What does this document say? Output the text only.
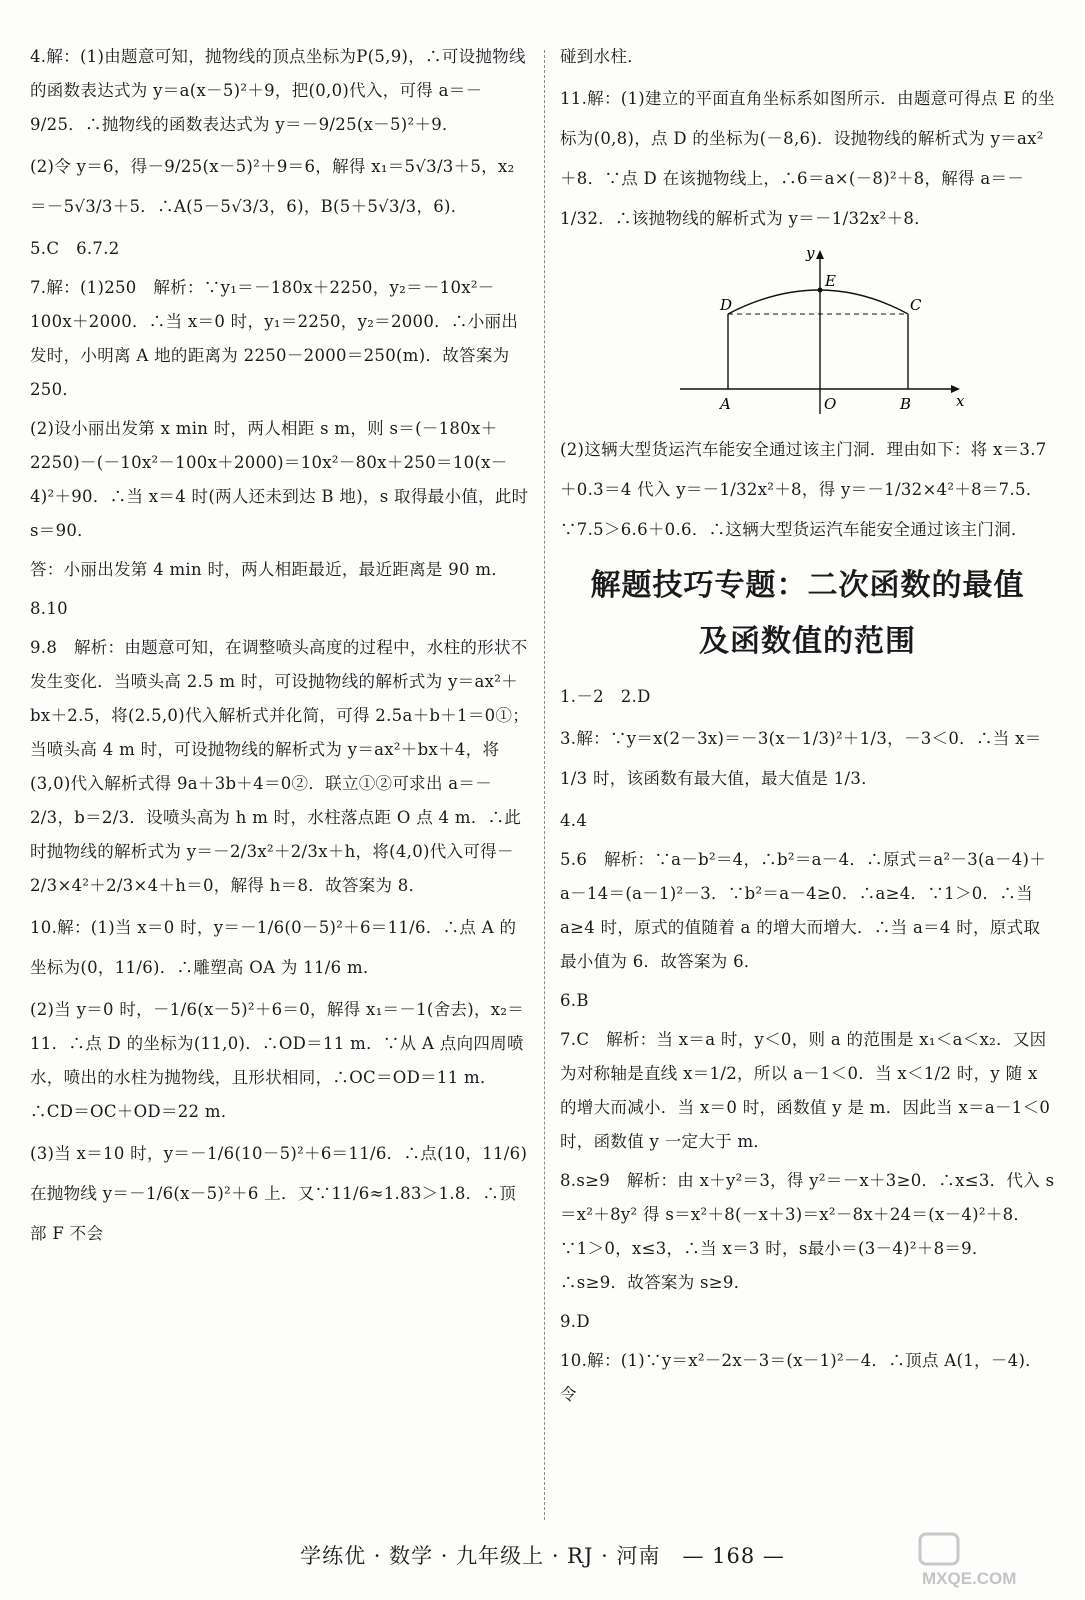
4.解：(1)由题意可知，抛物线的顶点坐标为P(5,9)，∴可设抛物线的函数表达式为 y＝a(x－5)²＋9，把(0,0)代入，可得 a＝－9/25．∴抛物线的函数表达式为 y＝－9/25(x－5)²＋9．

(2)令 y＝6，得－9/25(x－5)²＋9＝6，解得 x₁＝5√3/3＋5，x₂＝－5√3/3＋5．∴A(5－5√3/3，6)，B(5＋5√3/3，6)．

5.C　6.7.2

7.解：(1)250　解析：∵y₁＝－180x＋2250，y₂＝－10x²－100x＋2000．∴当 x＝0 时，y₁＝2250，y₂＝2000．∴小丽出发时，小明离 A 地的距离为 2250－2000＝250(m)．故答案为 250．

(2)设小丽出发第 x min 时，两人相距 s m，则 s＝(－180x＋2250)－(－10x²－100x＋2000)＝10x²－80x＋250＝10(x－4)²＋90．∴当 x＝4 时(两人还未到达 B 地)，s 取得最小值，此时 s＝90．

答：小丽出发第 4 min 时，两人相距最近，最近距离是 90 m．

8.10

9.8　解析：由题意可知，在调整喷头高度的过程中，水柱的形状不发生变化．当喷头高 2.5 m 时，可设抛物线的解析式为 y＝ax²＋bx＋2.5，将(2.5,0)代入解析式并化简，可得 2.5a＋b＋1＝0①；当喷头高 4 m 时，可设抛物线的解析式为 y＝ax²＋bx＋4，将(3,0)代入解析式得 9a＋3b＋4＝0②．联立①②可求出 a＝－2/3，b＝2/3．设喷头高为 h m 时，水柱落点距 O 点 4 m．∴此时抛物线的解析式为 y＝－2/3x²＋2/3x＋h，将(4,0)代入可得－2/3×4²＋2/3×4＋h＝0，解得 h＝8．故答案为 8．

10.解：(1)当 x＝0 时，y＝－1/6(0－5)²＋6＝11/6．∴点 A 的坐标为(0，11/6)．∴雕塑高 OA 为 11/6 m．

(2)当 y＝0 时，－1/6(x－5)²＋6＝0，解得 x₁＝－1(舍去)，x₂＝11．∴点 D 的坐标为(11,0)．∴OD＝11 m．∵从 A 点向四周喷水，喷出的水柱为抛物线，且形状相同，∴OC＝OD＝11 m．∴CD＝OC＋OD＝22 m．

(3)当 x＝10 时，y＝－1/6(10－5)²＋6＝11/6．∴点(10，11/6)在抛物线 y＝－1/6(x－5)²＋6 上．又∵11/6≈1.83＞1.8．∴顶部 F 不会

碰到水柱．

11.解：(1)建立的平面直角坐标系如图所示．由题意可得点 E 的坐标为(0,8)，点 D 的坐标为(－8,6)．设抛物线的解析式为 y＝ax²＋8．∵点 D 在该抛物线上，∴6＝a×(－8)²＋8，解得 a＝－1/32．∴该抛物线的解析式为 y＝－1/32x²＋8．

y
x
E
D	C
A	O	B

(2)这辆大型货运汽车能安全通过该主门洞．理由如下：将 x＝3.7＋0.3＝4 代入 y＝－1/32x²＋8，得 y＝－1/32×4²＋8＝7.5．∵7.5＞6.6＋0.6．∴这辆大型货运汽车能安全通过该主门洞．

解题技巧专题：二次函数的最值
及函数值的范围

1.－2　2.D

3.解：∵y＝x(2－3x)＝－3(x－1/3)²＋1/3，－3＜0．∴当 x＝1/3 时，该函数有最大值，最大值是 1/3．

4.4

5.6　解析：∵a－b²＝4，∴b²＝a－4．∴原式＝a²－3(a－4)＋a－14＝(a－1)²－3．∵b²＝a－4≥0．∴a≥4．∵1＞0．∴当 a≥4 时，原式的值随着 a 的增大而增大．∴当 a＝4 时，原式取最小值为 6．故答案为 6．

6.B

7.C　解析：当 x＝a 时，y＜0，则 a 的范围是 x₁＜a＜x₂．又因为对称轴是直线 x＝1/2，所以 a－1＜0．当 x＜1/2 时，y 随 x 的增大而减小．当 x＝0 时，函数值 y 是 m．因此当 x＝a－1＜0 时，函数值 y 一定大于 m．

8.s≥9　解析：由 x＋y²＝3，得 y²＝－x＋3≥0．∴x≤3．代入 s＝x²＋8y² 得 s＝x²＋8(－x＋3)＝x²－8x＋24＝(x－4)²＋8．∵1＞0，x≤3，∴当 x＝3 时，s最小＝(3－4)²＋8＝9．∴s≥9．故答案为 s≥9．

9.D

10.解：(1)∵y＝x²－2x－3＝(x－1)²－4．∴顶点 A(1，－4)．令

学练优 · 数学 · 九年级上 · RJ · 河南　— 168 —
MXQE.COM
